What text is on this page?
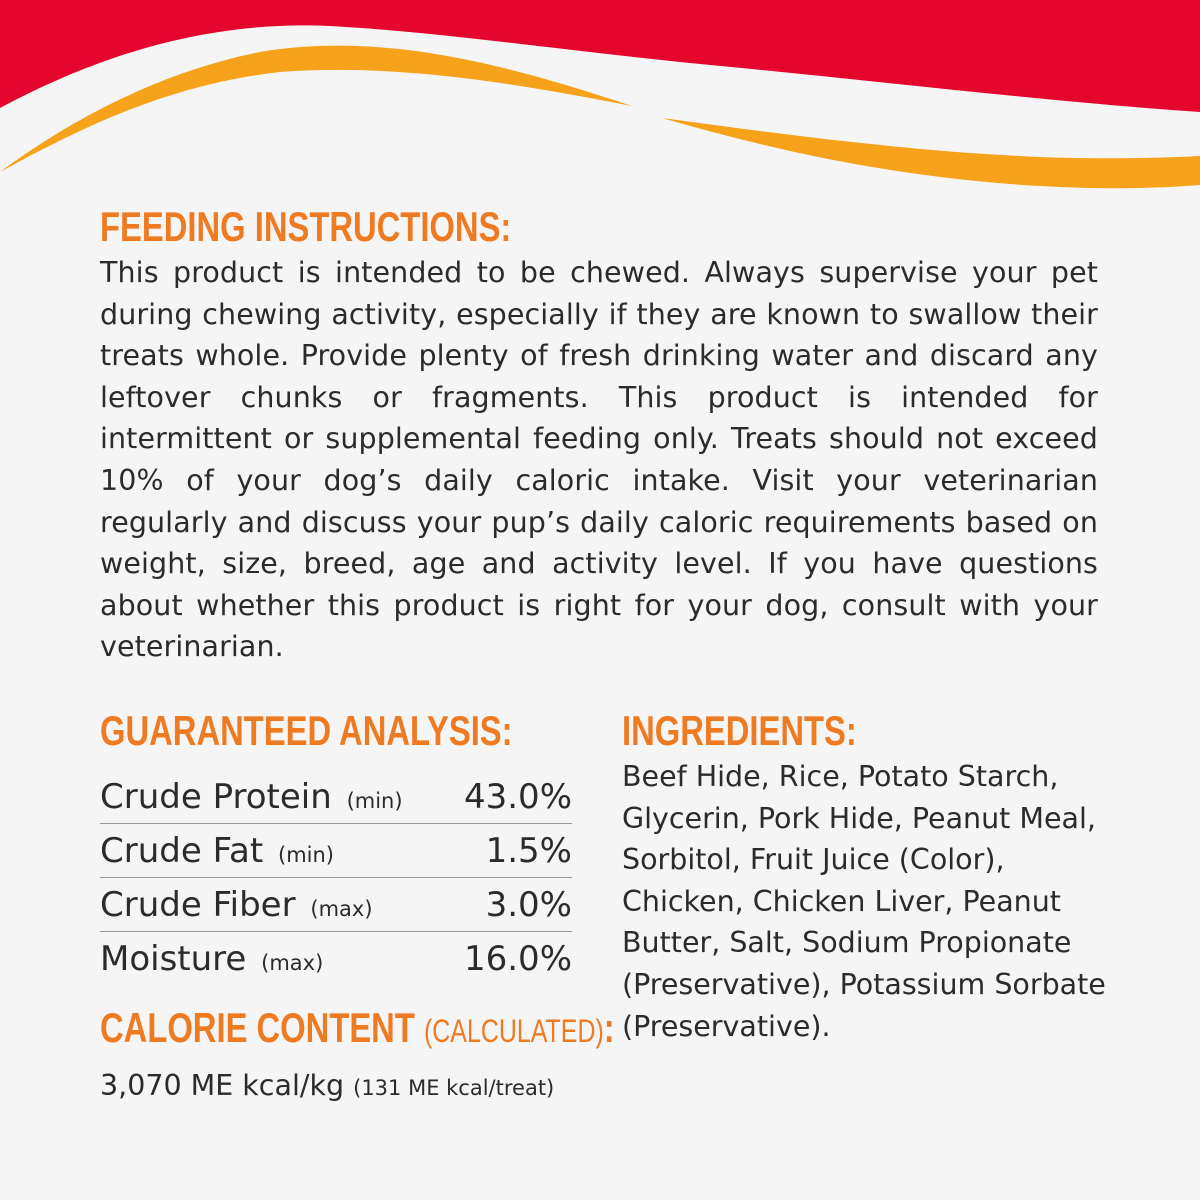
FEEDING INSTRUCTIONS:

This product is intended to be chewed. Always supervise your pet during chewing activity, especially if they are known to swallow their treats whole. Provide plenty of fresh drinking water and discard any leftover chunks or fragments. This product is intended for intermittent or supplemental feeding only. Treats should not exceed 10% of your dog’s daily caloric intake. Visit your veterinarian regularly and discuss your pup’s daily caloric requirements based on weight, size, breed, age and activity level. If you have questions about whether this product is right for your dog, consult with your veterinarian.

GUARANTEED ANALYSIS:
Crude Protein (min) 43.0%
Crude Fat (min)	1.5%
Crude Fiber (max)	3.0%
Moisture (max)	16.0%
CALORIE CONTENT (CALCULATED):
3,070 ME kcal/kg (131 ME kcal/treat)
INGREDIENTS:

Beef Hide, Rice, Potato Starch, Glycerin, Pork Hide, Peanut Meal, Sorbitol, Fruit Juice (Color), Chicken, Chicken Liver, Peanut Butter, Salt, Sodium Propionate (Preservative), Potassium Sorbate (Preservative).
